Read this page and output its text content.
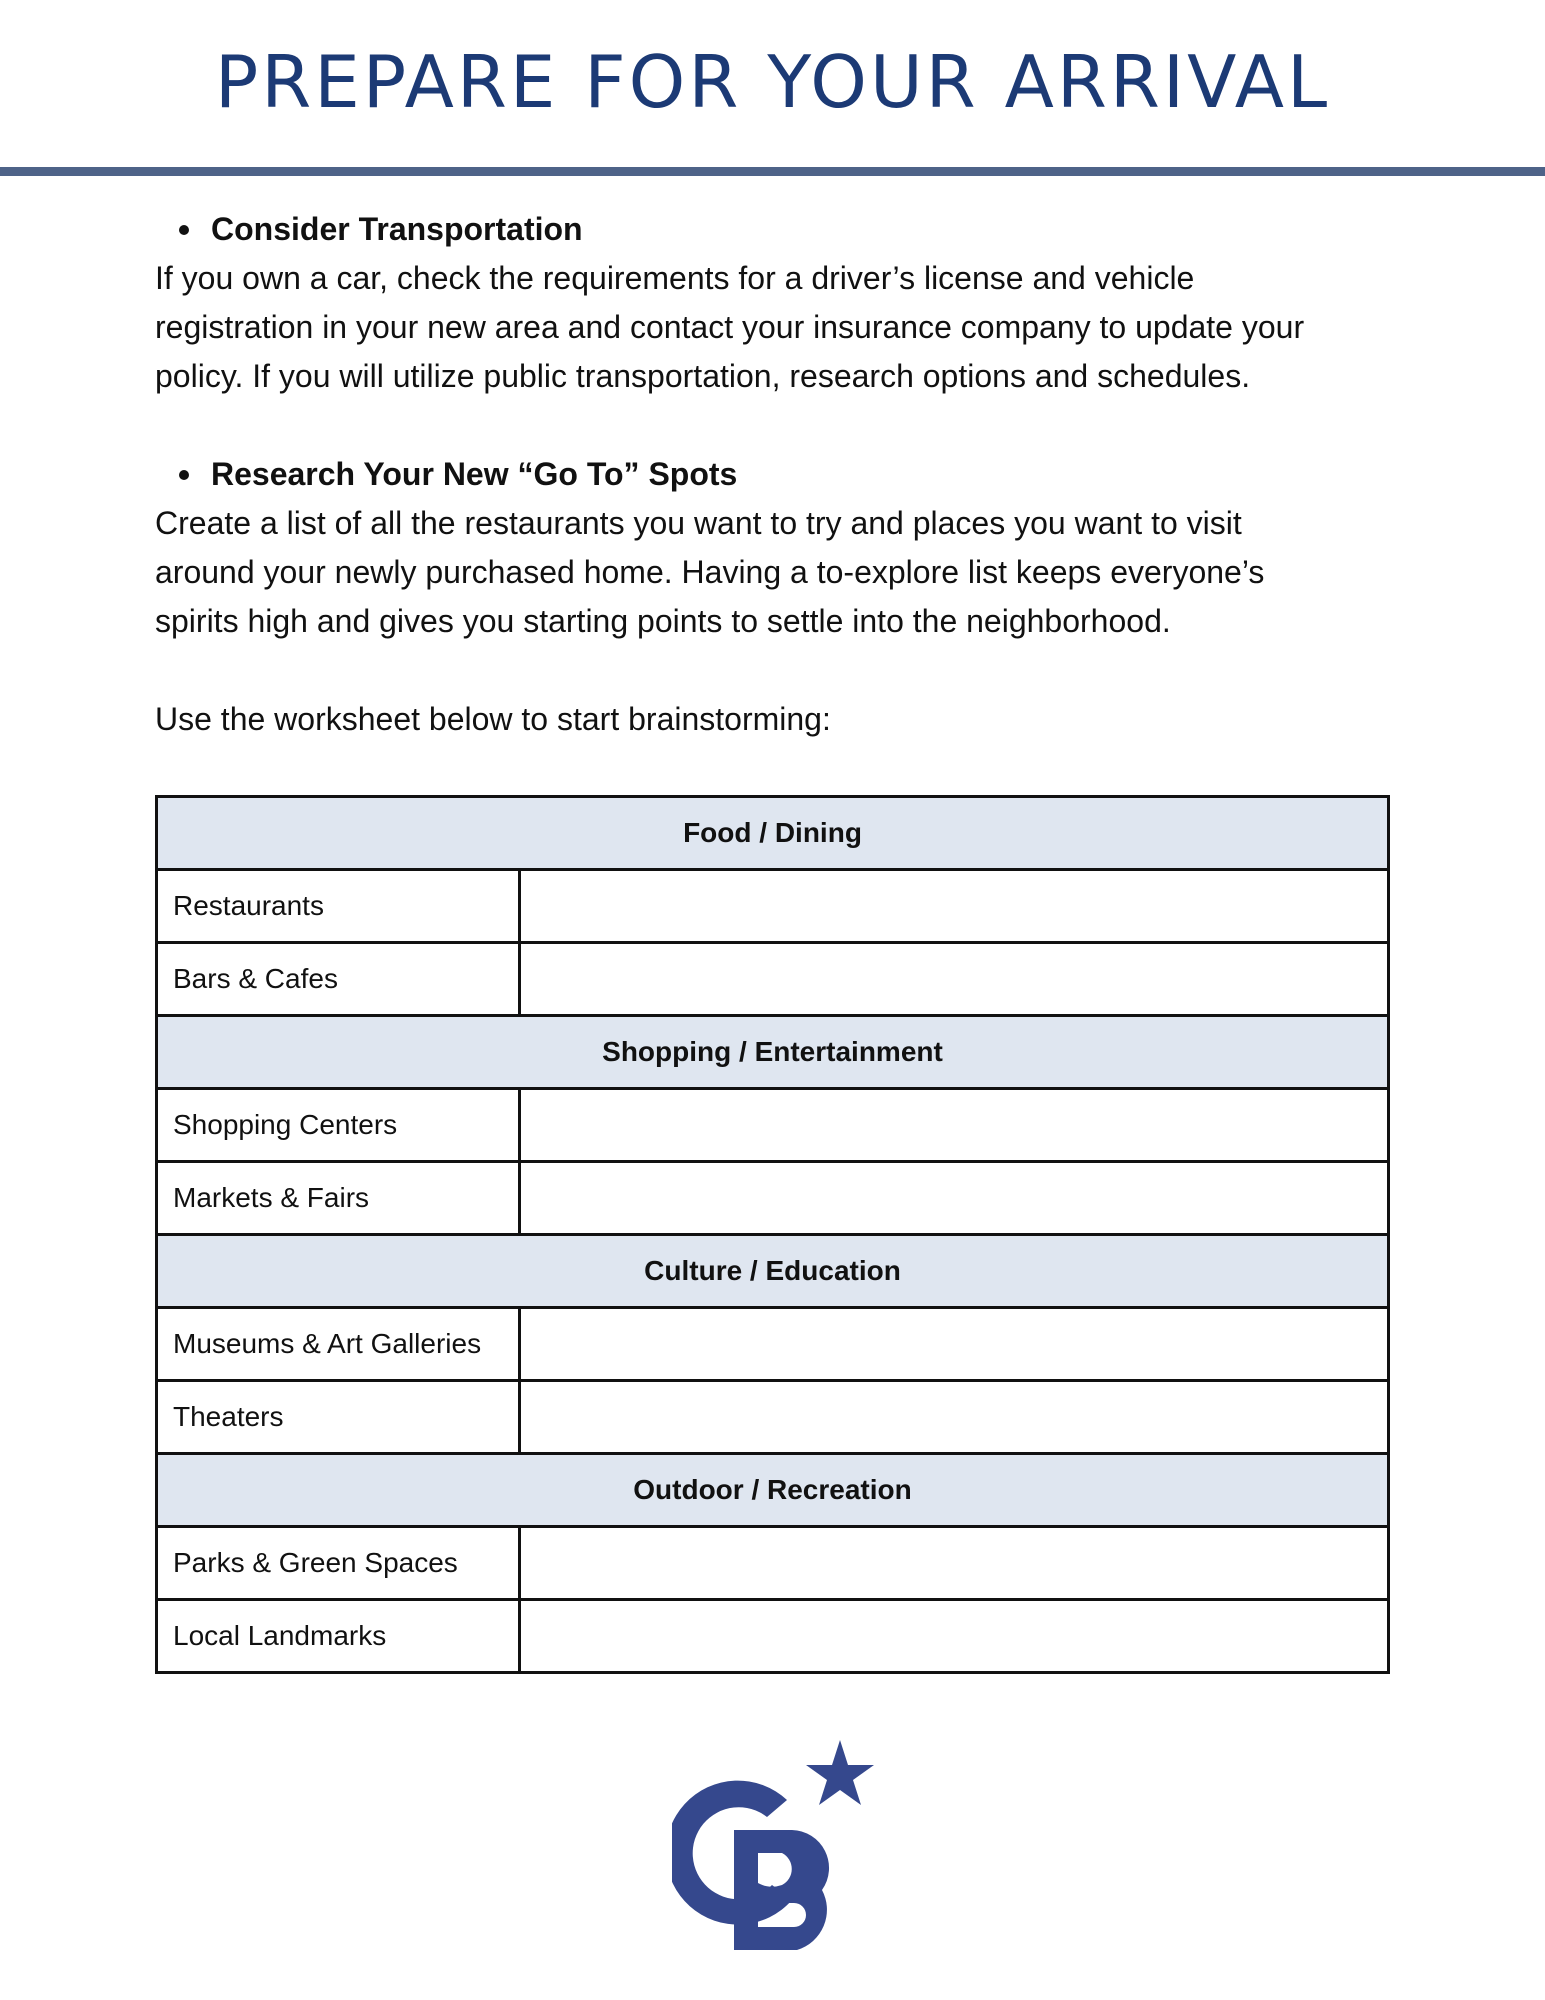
PREPARE FOR YOUR ARRIVAL
Consider Transportation

If you own a car, check the requirements for a driver’s license and vehicle

registration in your new area and contact your insurance company to update your

policy. If you will utilize public transportation, research options and schedules.

Research Your New “Go To” Spots

Create a list of all the restaurants you want to try and places you want to visit

around your newly purchased home. Having a to-explore list keeps everyone’s

spirits high and gives you starting points to settle into the neighborhood.

Use the worksheet below to start brainstorming:

Food / Dining	
Restaurants	
Bars & Cafes	
Shopping / Entertainment	
Shopping Centers	
Markets & Fairs	
Culture / Education	
Museums & Art Galleries	
Theaters	
Outdoor / Recreation	
Parks & Green Spaces	
Local Landmarks	
